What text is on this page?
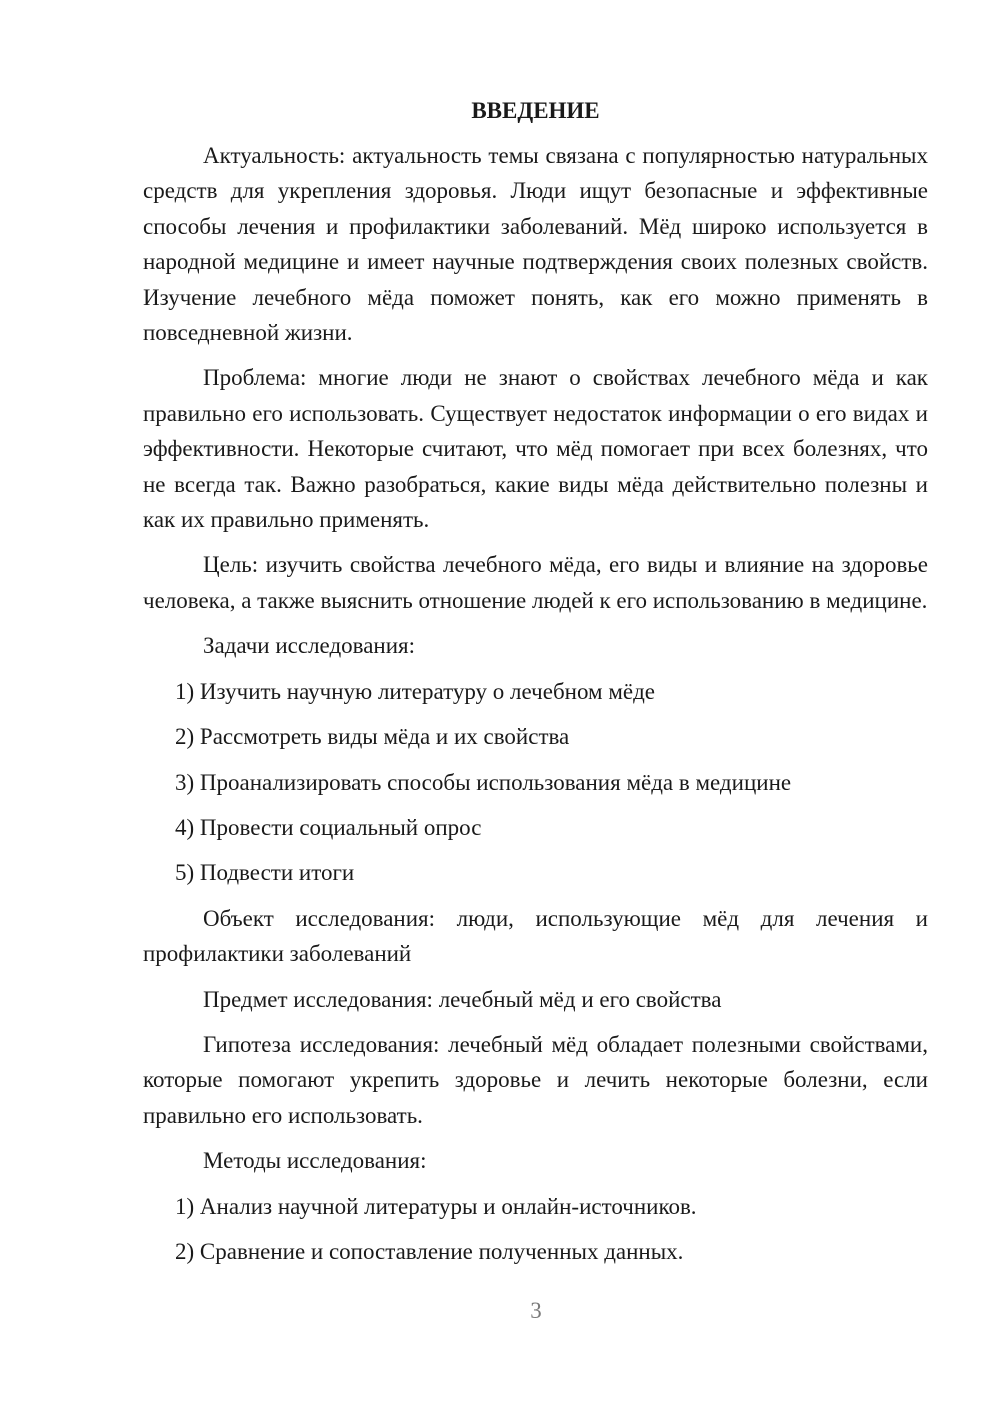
ВВЕДЕНИЕ
Актуальность: актуальность темы связана с популярностью натуральных средств для укрепления здоровья. Люди ищут безопасные и эффективные способы лечения и профилактики заболеваний. Мёд широко используется в народной медицине и имеет научные подтверждения своих полезных свойств. Изучение лечебного мёда поможет понять, как его можно применять в повседневной жизни.
Проблема: многие люди не знают о свойствах лечебного мёда и как правильно его использовать. Существует недостаток информации о его видах и эффективности. Некоторые считают, что мёд помогает при всех болезнях, что не всегда так. Важно разобраться, какие виды мёда действительно полезны и как их правильно применять.
Цель: изучить свойства лечебного мёда, его виды и влияние на здоровье человека, а также выяснить отношение людей к его использованию в медицине.
Задачи исследования:
1) Изучить научную литературу о лечебном мёде
2) Рассмотреть виды мёда и их свойства
3) Проанализировать способы использования мёда в медицине
4) Провести социальный опрос
5) Подвести итоги
Объект исследования: люди, использующие мёд для лечения и профилактики заболеваний
Предмет исследования: лечебный мёд и его свойства
Гипотеза исследования: лечебный мёд обладает полезными свойствами, которые помогают укрепить здоровье и лечить некоторые болезни, если правильно его использовать.
Методы исследования:
1) Анализ научной литературы и онлайн-источников.
2) Сравнение и сопоставление полученных данных.
3
